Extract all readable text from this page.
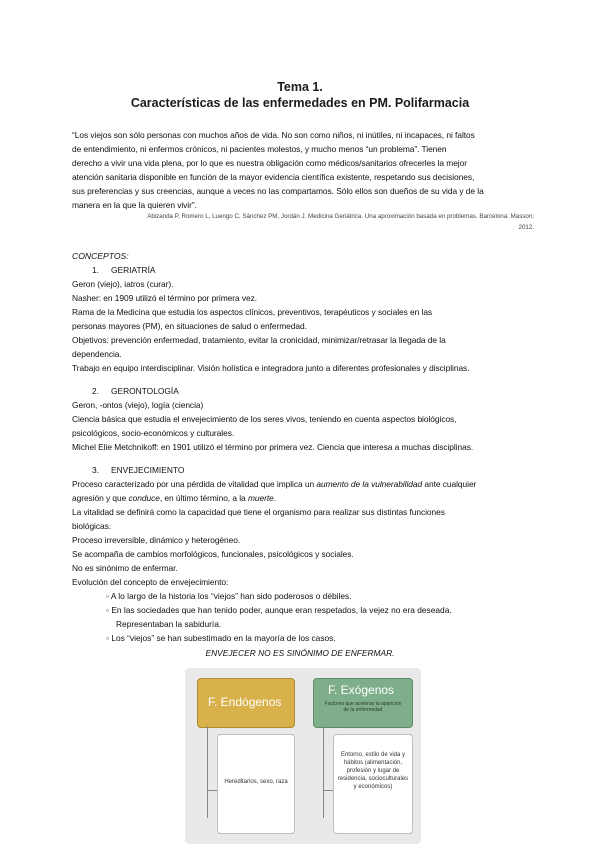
Tema 1.
Características de las enfermedades en PM. Polifarmacia
“Los viejos son sólo personas con muchos años de vida. No son como niños, ni inútiles, ni incapaces, ni faltos
de entendimiento, ni enfermos crónicos, ni pacientes molestos, y mucho menos “un problema”. Tienen
derecho a vivir una vida plena, por lo que es nuestra obligación como médicos/sanitarios ofrecerles la mejor
atención sanitaria disponible en función de la mayor evidencia científica existente, respetando sus decisiones,
sus preferencias y sus creencias, aunque a veces no las compartamos. Sólo ellos son dueños de su vida y de la
manera en la que la quieren vivir”.
Abizanda P, Romero L, Luengo C, Sánchez PM, Jordán J. Medicina Geriátrica. Una aproximación basada en problemas. Barcelona: Masson;
2012.
CONCEPTOS:
1. GERIATRÍA
Geron (viejo), iatros (curar).
Nasher: en 1909 utilizó el término por primera vez.
Rama de la Medicina que estudia los aspectos clínicos, preventivos, terapéuticos y sociales en las
personas mayores (PM), en situaciones de salud o enfermedad.
Objetivos: prevención enfermedad, tratamiento, evitar la cronicidad, minimizar/retrasar la llegada de la
dependencia.
Trabajo en equipo interdisciplinar. Visión holística e integradora junto a diferentes profesionales y disciplinas.
2. GERONTOLOGÍA
Geron, -ontos (viejo), logía (ciencia)
Ciencia básica que estudia el envejecimiento de los seres vivos, teniendo en cuenta aspectos biológicos,
psicológicos, socio-económicos y culturales.
Michel Elie Metchnikoff: en 1901 utilizó el término por primera vez. Ciencia que interesa a muchas disciplinas.
3. ENVEJECIMIENTO
Proceso caracterizado por una pérdida de vitalidad que implica un aumento de la vulnerabilidad ante cualquier
agresión y que conduce, en último término, a la muerte.
La vitalidad se definirá como la capacidad que tiene el organismo para realizar sus distintas funciones
biológicas.
Proceso irreversible, dinámico y heterogéneo.
Se acompaña de cambios morfológicos, funcionales, psicológicos y sociales.
No es sinónimo de enfermar.
Evolución del concepto de envejecimiento:
▫ A lo largo de la historia los “viejos” han sido poderosos o débiles.
▫ En las sociedades que han tenido poder, aunque eran respetados, la vejez no era deseada.
Representaban la sabiduría.
▫ Los “viejos” se han subestimado en la mayoría de los casos.
ENVEJECER NO ES SINÓNIMO DE ENFERMAR.
F. Endógenos
F. Exógenos
Factores que aceleran la aparición de la enfermedad
Hereditarios, sexo, raza
Entorno, estilo de vida y hábitos (alimentación, profesión y lugar de residencia, socioculturales y económicos)
